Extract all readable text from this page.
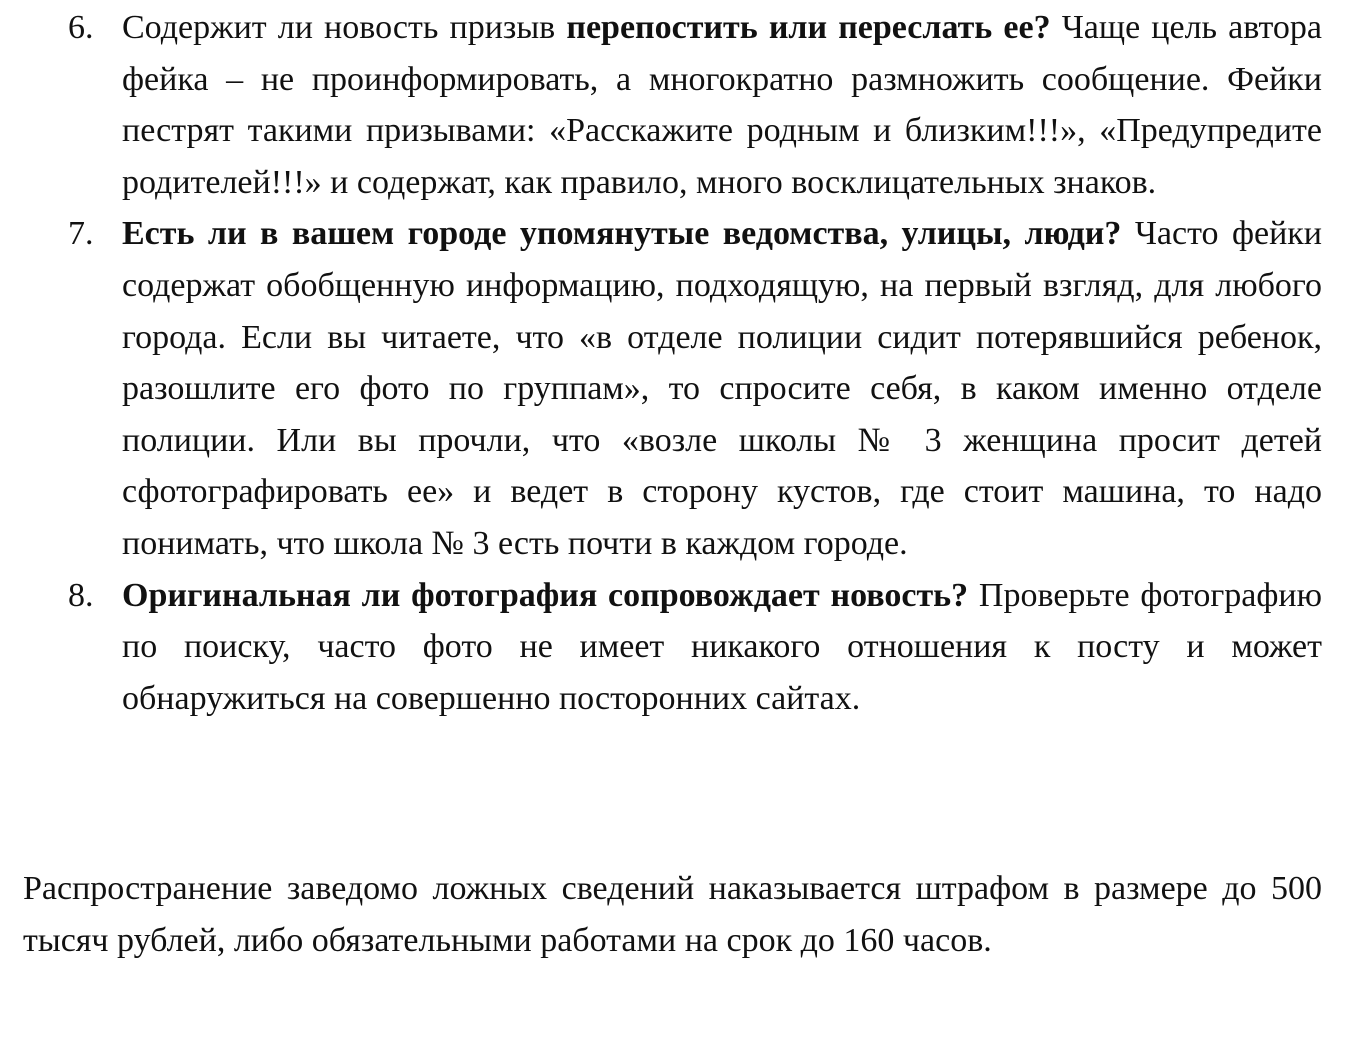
6. Содержит ли новость призыв перепостить или переслать ее? Чаще цель автора фейка – не проинформировать, а многократно размножить сообщение. Фейки пестрят такими призывами: «Расскажите родным и близким!!!», «Предупредите родителей!!!» и содержат, как правило, много восклицательных знаков.
7. Есть ли в вашем городе упомянутые ведомства, улицы, люди? Часто фейки содержат обобщенную информацию, подходящую, на первый взгляд, для любого города. Если вы читаете, что «в отделе полиции сидит потерявшийся ребенок, разошлите его фото по группам», то спросите себя, в каком именно отделе полиции. Или вы прочли, что «возле школы № 3 женщина просит детей сфотографировать ее» и ведет в сторону кустов, где стоит машина, то надо понимать, что школа № 3 есть почти в каждом городе.
8. Оригинальная ли фотография сопровождает новость? Проверьте фотографию по поиску, часто фото не имеет никакого отношения к посту и может обнаружиться на совершенно посторонних сайтах.

Распространение заведомо ложных сведений наказывается штрафом в размере до 500 тысяч рублей, либо обязательными работами на срок до 160 часов.
